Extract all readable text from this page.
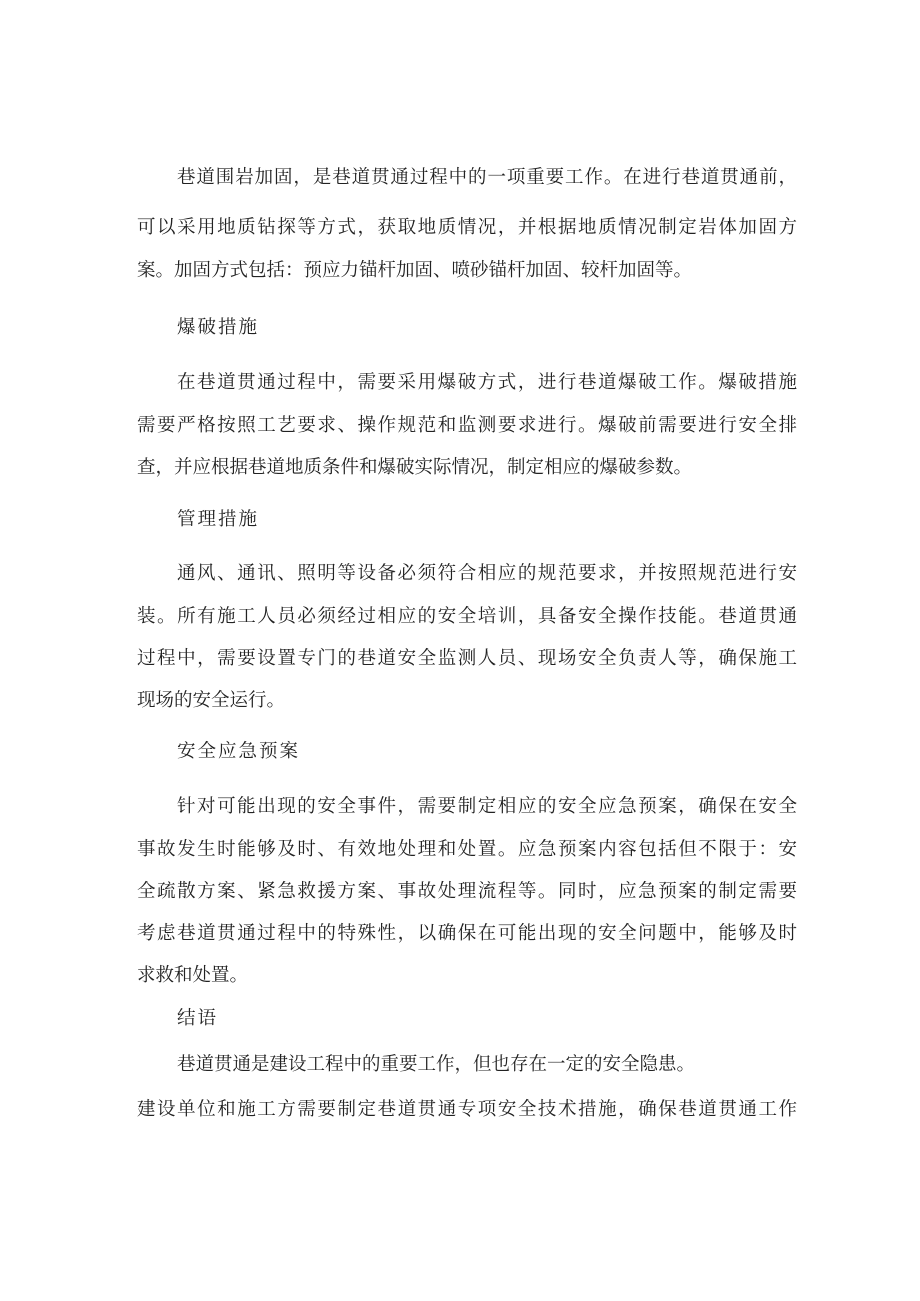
巷道围岩加固，是巷道贯通过程中的一项重要工作。在进行巷道贯通前，
可以采用地质钻探等方式，获取地质情况，并根据地质情况制定岩体加固方
案。加固方式包括：预应力锚杆加固、喷砂锚杆加固、较杆加固等。
爆破措施
在巷道贯通过程中，需要采用爆破方式，进行巷道爆破工作。爆破措施
需要严格按照工艺要求、操作规范和监测要求进行。爆破前需要进行安全排
查，并应根据巷道地质条件和爆破实际情况，制定相应的爆破参数。
管理措施
通风、通讯、照明等设备必须符合相应的规范要求，并按照规范进行安
装。所有施工人员必须经过相应的安全培训，具备安全操作技能。巷道贯通
过程中，需要设置专门的巷道安全监测人员、现场安全负责人等，确保施工
现场的安全运行。
安全应急预案
针对可能出现的安全事件，需要制定相应的安全应急预案，确保在安全
事故发生时能够及时、有效地处理和处置。应急预案内容包括但不限于：安
全疏散方案、紧急救援方案、事故处理流程等。同时，应急预案的制定需要
考虑巷道贯通过程中的特殊性，以确保在可能出现的安全问题中，能够及时
求救和处置。
结语
巷道贯通是建设工程中的重要工作，但也存在一定的安全隐患。
建设单位和施工方需要制定巷道贯通专项安全技术措施，确保巷道贯通工作
